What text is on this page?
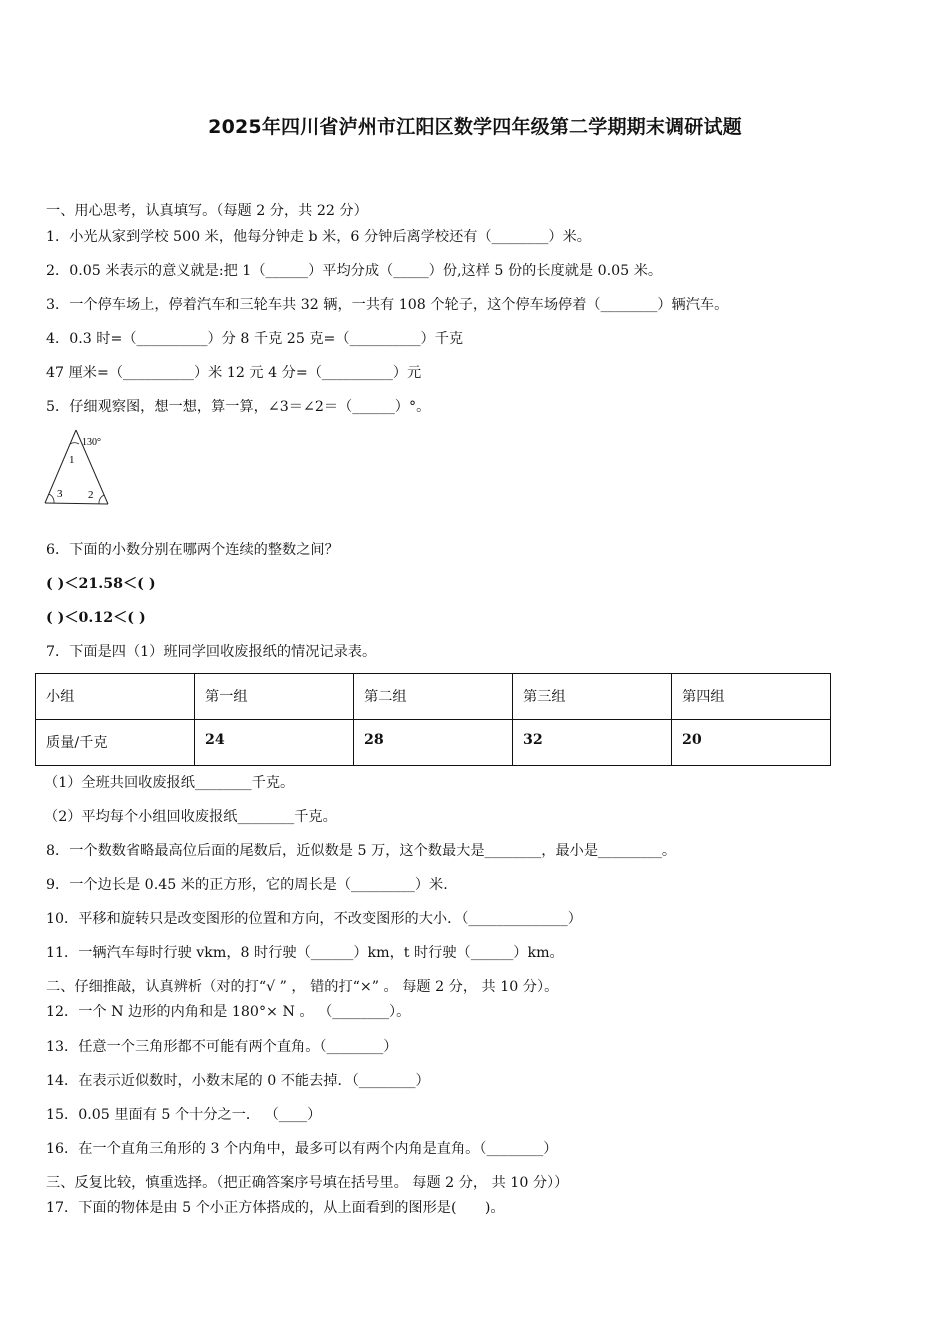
2025年四川省泸州市江阳区数学四年级第二学期期末调研试题
一、用心思考，认真填写。（每题 2 分，共 22 分）
1．小光从家到学校 500 米，他每分钟走 b 米，6 分钟后离学校还有（________）米。
2．0.05 米表示的意义就是:把 1（______）平均分成（_____）份,这样 5 份的长度就是 0.05 米。
3．一个停车场上，停着汽车和三轮车共 32 辆，一共有 108 个轮子，这个停车场停着（________）辆汽车。
4．0.3 时=（__________）分 8 千克 25 克=（__________）千克
47 厘米=（__________）米 12 元 4 分=（__________）元
5．仔细观察图，想一想，算一算，∠3＝∠2＝（______）°。
130°
1
3 2
6．下面的小数分别在哪两个连续的整数之间？
( )＜21.58＜( )
( )＜0.12＜( )
7．下面是四（1）班同学回收废报纸的情况记录表。
小组	第一组	第二组	第三组	第四组
质量/千克	24	28	32	20
（1）全班共回收废报纸________千克。
（2）平均每个小组回收废报纸________千克。
8．一个数数省略最高位后面的尾数后，近似数是 5 万，这个数最大是________，最小是_________。
9．一个边长是 0.45 米的正方形，它的周长是（_________）米.
10．平移和旋转只是改变图形的位置和方向，不改变图形的大小．（______________）
11．一辆汽车每时行驶 vkm，8 时行驶（______）km，t 时行驶（______）km。
二、仔细推敲，认真辨析（对的打“√ ” ， 错的打“×” 。 每题 2 分， 共 10 分）。
12．一个 N 边形的内角和是 180°× N 。 （________）。
13．任意一个三角形都不可能有两个直角。（________）
14．在表示近似数时，小数末尾的 0 不能去掉．（________）
15．0.05 里面有 5 个十分之一． （____）
16．在一个直角三角形的 3 个内角中，最多可以有两个内角是直角。（________）
三、反复比较，慎重选择。（把正确答案序号填在括号里。 每题 2 分， 共 10 分））
17．下面的物体是由 5 个小正方体搭成的，从上面看到的图形是(　　)。
